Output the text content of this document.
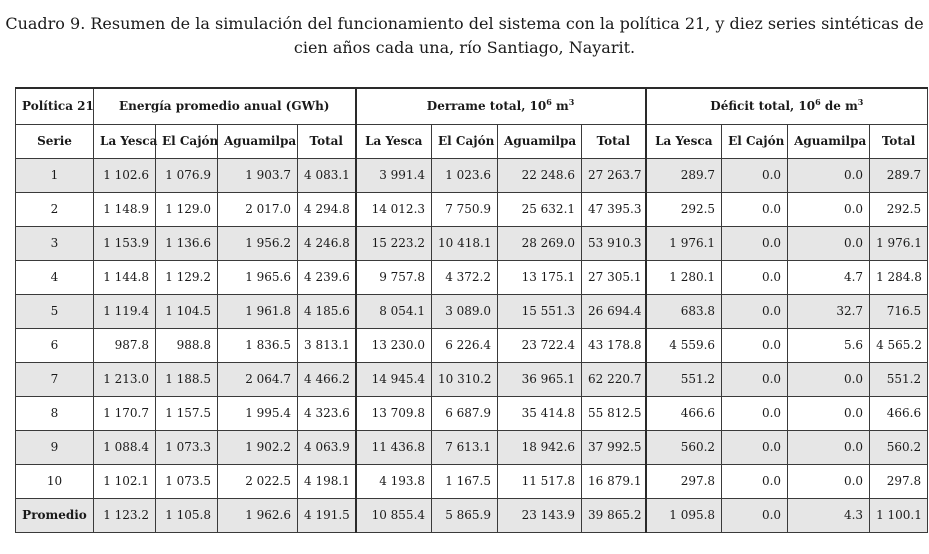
Cuadro 9. Resumen de la simulación del funcionamiento del sistema con la política 21, y diez series sintéticas de
cien años cada una, río Santiago, Nayarit.
Política 21	Energía promedio anual (GWh)				Derrame total, $10^6$ $m^3$				Déficit total, $10^6$ de $m^3$
Serie	La Yesca	El Cajón	Aguamilpa	Total	La Yesca	El Cajón	Aguamilpa	Total	La Yesca	El Cajón	Aguamilpa	Total
1	1 102.6	1 076.9	1 903.7	4 083.1	3 991.4	1 023.6	22 248.6	27 263.7	289.7	0.0	0.0	289.7
2	1 148.9	1 129.0	2 017.0	4 294.8	14 012.3	7 750.9	25 632.1	47 395.3	292.5	0.0	0.0	292.5
3	1 153.9	1 136.6	1 956.2	4 246.8	15 223.2	10 418.1	28 269.0	53 910.3	1 976.1	0.0	0.0	1 976.1
4	1 144.8	1 129.2	1 965.6	4 239.6	9 757.8	4 372.2	13 175.1	27 305.1	1 280.1	0.0	4.7	1 284.8
5	1 119.4	1 104.5	1 961.8	4 185.6	8 054.1	3 089.0	15 551.3	26 694.4	683.8	0.0	32.7	716.5
6	987.8	988.8	1 836.5	3 813.1	13 230.0	6 226.4	23 722.4	43 178.8	4 559.6	0.0	5.6	4 565.2
7	1 213.0	1 188.5	2 064.7	4 466.2	14 945.4	10 310.2	36 965.1	62 220.7	551.2	0.0	0.0	551.2
8	1 170.7	1 157.5	1 995.4	4 323.6	13 709.8	6 687.9	35 414.8	55 812.5	466.6	0.0	0.0	466.6
9	1 088.4	1 073.3	1 902.2	4 063.9	11 436.8	7 613.1	18 942.6	37 992.5	560.2	0.0	0.0	560.2
10	1 102.1	1 073.5	2 022.5	4 198.1	4 193.8	1 167.5	11 517.8	16 879.1	297.8	0.0	0.0	297.8
Promedio	1 123.2	1 105.8	1 962.6	4 191.5	10 855.4	5 865.9	23 143.9	39 865.2	1 095.8	0.0	4.3	1 100.1
